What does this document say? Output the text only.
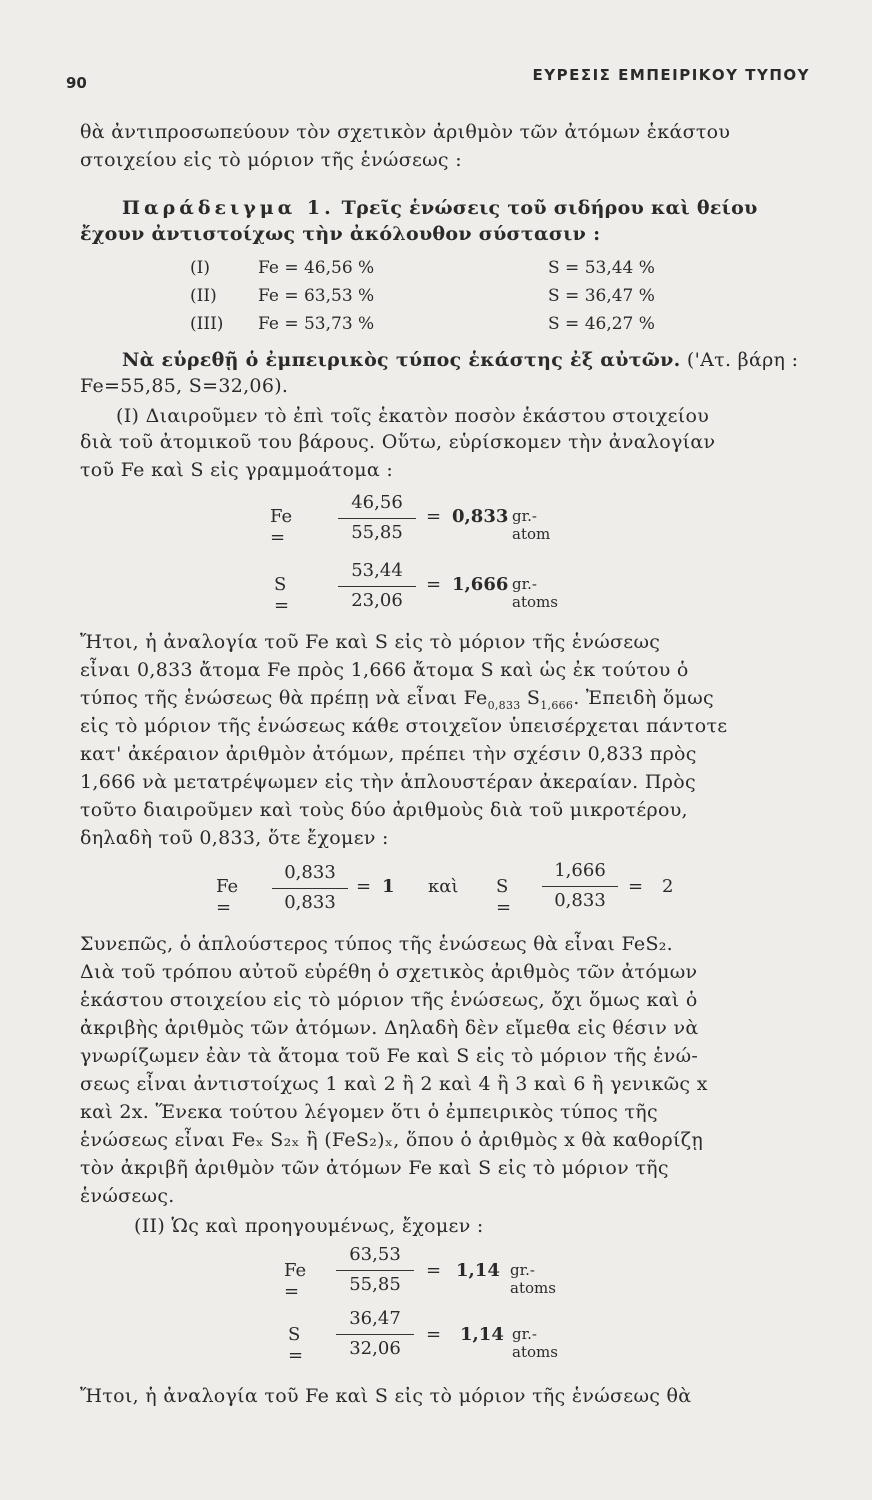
90	ΕΥΡΕΣΙΣ ΕΜΠΕΙΡΙΚΟΥ ΤΥΠΟΥ
θὰ ἀντιπροσωπεύουν τὸν σχετικὸν ἀριθμὸν τῶν ἀτόμων ἑκάστου
στοιχείου εἰς τὸ μόριον τῆς ἑνώσεως :
Παράδειγμα 1. Τρεῖς ἑνώσεις τοῦ σιδήρου καὶ θείου
ἔχουν ἀντιστοίχως τὴν ἀκόλουθον σύστασιν :
(I)	Fe = 46,56 %	S = 53,44 %
(II) Fe = 63,53 %	S = 36,47 %
(III) Fe = 53,73 %	S = 46,27 %
Νὰ εὑρεθῇ ὁ ἐμπειρικὸς τύπος ἑκάστης ἐξ αὐτῶν. ('Ατ. βάρη :
Fe=55,85, S=32,06).
(I) Διαιροῦμεν τὸ ἐπὶ τοῖς ἑκατὸν ποσὸν ἑκάστου στοιχείου
διὰ τοῦ ἀτομικοῦ του βάρους. Οὕτω, εὑρίσκομεν τὴν ἀναλογίαν
τοῦ Fe καὶ S εἰς γραμμοάτομα :
Fe =
46,56
55,85
= 0,833 gr.-atom
S =
53,44
23,06
= 1,666 gr.-atoms
Ἤτοι, ἡ ἀναλογία τοῦ Fe καὶ S εἰς τὸ μόριον τῆς ἑνώσεως
εἶναι 0,833 ἄτομα Fe πρὸς 1,666 ἄτομα S καὶ ὡς ἐκ τούτου ὁ
τύπος τῆς ἑνώσεως θὰ πρέπῃ νὰ εἶναι $Fe_{0,833}$ $S_{1,666}$. Ἐπειδὴ ὅμως
εἰς τὸ μόριον τῆς ἑνώσεως κάθε στοιχεῖον ὑπεισέρχεται πάντοτε
κατ' ἀκέραιον ἀριθμὸν ἀτόμων, πρέπει τὴν σχέσιν 0,833 πρὸς
1,666 νὰ μετατρέψωμεν εἰς τὴν ἁπλουστέραν ἀκεραίαν. Πρὸς
τοῦτο διαιροῦμεν καὶ τοὺς δύο ἀριθμοὺς διὰ τοῦ μικροτέρου,
δηλαδὴ τοῦ 0,833, ὅτε ἔχομεν :
Fe =
0,833
0,833
= 1 καὶ S =
1,666
0,833
= 2
Συνεπῶς, ὁ ἁπλούστερος τύπος τῆς ἑνώσεως θὰ εἶναι FeS₂.
Διὰ τοῦ τρόπου αὐτοῦ εὑρέθη ὁ σχετικὸς ἀριθμὸς τῶν ἀτόμων
ἑκάστου στοιχείου εἰς τὸ μόριον τῆς ἑνώσεως, ὄχι ὅμως καὶ ὁ
ἀκριβὴς ἀριθμὸς τῶν ἀτόμων. Δηλαδὴ δὲν εἴμεθα εἰς θέσιν νὰ
γνωρίζωμεν ἐὰν τὰ ἄτομα τοῦ Fe καὶ S εἰς τὸ μόριον τῆς ἑνώ-
σεως εἶναι ἀντιστοίχως 1 καὶ 2 ἢ 2 καὶ 4 ἢ 3 καὶ 6 ἢ γενικῶς x
καὶ 2x. Ἕνεκα τούτου λέγομεν ὅτι ὁ ἐμπειρικὸς τύπος τῆς
ἑνώσεως εἶναι Feₓ S₂ₓ ἢ (FeS₂)ₓ, ὅπου ὁ ἀριθμὸς x θὰ καθορίζῃ
τὸν ἀκριβῆ ἀριθμὸν τῶν ἀτόμων Fe καὶ S εἰς τὸ μόριον τῆς
ἑνώσεως.
(II) Ὡς καὶ προηγουμένως, ἔχομεν :
Fe =
63,53
55,85
= 1,14 gr.-atoms
S =
36,47
32,06
= 1,14 gr.-atoms
Ἤτοι, ἡ ἀναλογία τοῦ Fe καὶ S εἰς τὸ μόριον τῆς ἑνώσεως θὰ
